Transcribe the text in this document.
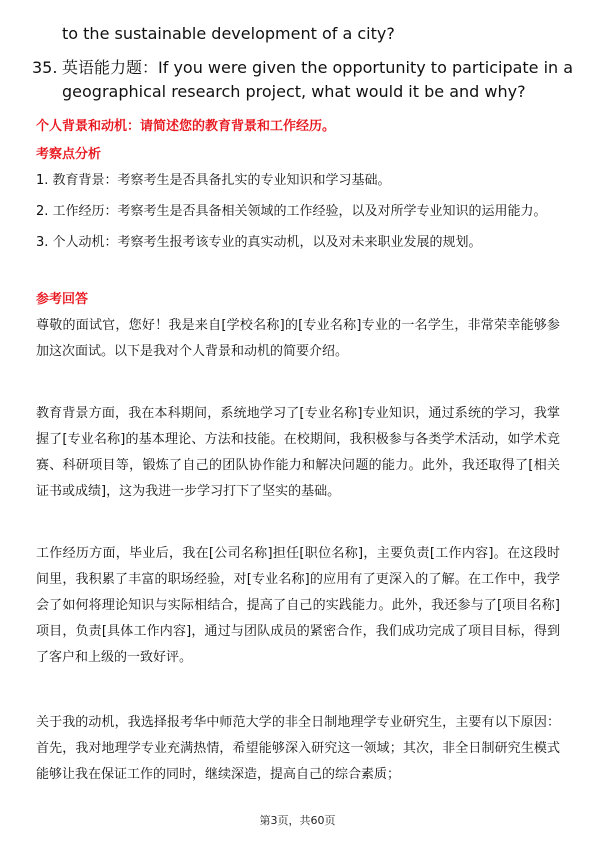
to the sustainable development of a city?
35. 英语能力题：If you were given the opportunity to participate in a geographical research project, what would it be and why?
个人背景和动机：请简述您的教育背景和工作经历。
考察点分析

1. 教育背景：考察考生是否具备扎实的专业知识和学习基础。

2. 工作经历：考察考生是否具备相关领域的工作经验，以及对所学专业知识的运用能力。

3. 个人动机：考察考生报考该专业的真实动机，以及对未来职业发展的规划。

参考回答

尊敬的面试官，您好！我是来自[学校名称]的[专业名称]专业的一名学生，非常荣幸能够参加这次面试。以下是我对个人背景和动机的简要介绍。

教育背景方面，我在本科期间，系统地学习了[专业名称]专业知识，通过系统的学习，我掌握了[专业名称]的基本理论、方法和技能。在校期间，我积极参与各类学术活动，如学术竞赛、科研项目等，锻炼了自己的团队协作能力和解决问题的能力。此外，我还取得了[相关证书或成绩]，这为我进一步学习打下了坚实的基础。

工作经历方面，毕业后，我在[公司名称]担任[职位名称]，主要负责[工作内容]。在这段时间里，我积累了丰富的职场经验，对[专业名称]的应用有了更深入的了解。在工作中，我学会了如何将理论知识与实际相结合，提高了自己的实践能力。此外，我还参与了[项目名称]项目，负责[具体工作内容]，通过与团队成员的紧密合作，我们成功完成了项目目标，得到了客户和上级的一致好评。

关于我的动机，我选择报考华中师范大学的非全日制地理学专业研究生，主要有以下原因：首先，我对地理学专业充满热情，希望能够深入研究这一领域；其次，非全日制研究生模式能够让我在保证工作的同时，继续深造，提高自己的综合素质；

第3页，共60页
